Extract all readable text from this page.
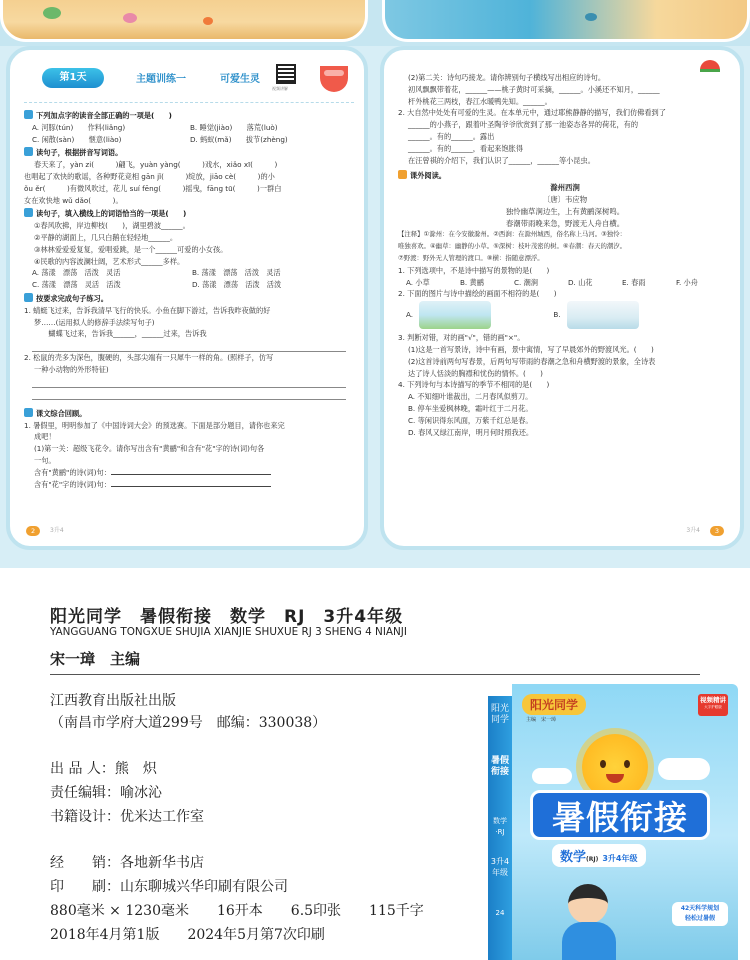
第1天	主题训练一	可爱生灵
视频讲解

下列加点字的读音全部正确的一项是(　　)

A. 河豚(tún)　　作料(liǎng)	B. 睡觉(jiào)　　落荒(luò)
C. 闲散(sàn)　　惬意(liào)	D. 蚂蚁(mǎ)　　拔节(zhèng)

读句子，根据拼音写词语。

春天来了，yàn zi(　　　)翩飞，yuàn yàng(　　　)戏水，xiǎo xī(　　　)

也唱起了欢快的歌谣，各种野花竞相 gān jǐ(　　　)绽放，jiāo cè(　　　)的小

ǒu ěr(　　　)有微风吹过，花儿 suí fēng(　　　)摇曳，fāng tū(　　　)一群白

女在欢快地 wǔ dǎo(　　　)。

读句子，填入横线上的词语恰当的一项是(　　)

①春风吹拂，岸边柳枝(　　)，湖里碧波______。

②平静的湖面上，几只白鹅在轻轻地______。

③林林爱爱爱复复，爱唱爱跳，是一个______可爱的小女孩。

④民歌的内容波澜壮阔，艺术形式______多样。

A. 荡漾　漂荡　活泼　灵活	B. 荡漾　漂荡　活泼　灵活
C. 荡漾　漂荡　灵活　活泼	D. 荡漾　漂荡　活泼　活泼

按要求完成句子练习。

1. 蜻蜓飞过来，告诉我清早飞行的快乐。小鱼在脚下游过，告诉我昨夜做的好

梦……(运用拟人的修辞手法续写句子)

　　蝴蝶飞过来，告诉我______，______过来，告诉我

2. 松鼠的壳多为深色，腹硬的，头部尖端有一只犀牛一样的角。(照样子，仿写

一种小动物的外形特征)

课文综合回顾。

1. 暑假里，明明参加了《中国诗词大会》的预选赛。下面是部分题目，请你也来完

成吧！

(1)第一关：超级飞花令。请你写出含有"黄鹂"和含有"花"字的诗(词)句各

一句。

含有"黄鹂"的诗(词)句：

含有"花"字的诗(词)句：

2	3升4

(2)第二关：诗句巧接龙。请你辨别句子横线写出相应的诗句。

初风飘飘带着花，______——桃子黄时可采摘，______。小溪还不知月，______

杆外桃花三两枝，春江水暖鸭先知。______。

2. 大自然中处处有可爱的生灵。在本单元中，通过耶熊静静的描写，我们仿佛看到了

______的小燕子，跟着叶圣陶爷爷欣赏到了那一池姿态各异的荷花，有的

______。有的______。露出

______。有的______，看起来饱胀得

在汪曾祺的介绍下，我们认识了______，______等小昆虫。

课外阅读。

滁州西涧

〔唐〕韦应物

独怜幽草涧边生，上有黄鹂深树鸣。

春潮带雨晚来急，野渡无人舟自横。

【注释】①滁州：在今安徽滁州。②西涧：在滁州城西，俗名称上马河。③独怜：

唯独喜欢。④幽草：幽静的小草。⑤深树：枝叶茂密的树。⑥春潮：春天的潮汐。

⑦野渡：野外无人管理的渡口。⑧横：指随意漂浮。

1. 下列选项中，不是诗中描写的景物的是(　　)

A. 小草	B. 黄鹂	C. 潮涧	D. 山花	E. 春雨	F. 小舟

2. 下面的图片与诗中描绘的画面不相符的是(　　)

A.	B.

3. 判断对错，对的画"√"，错的画"×"。

(1)这是一首写景诗，诗中有画，景中寓情，写了早晨郊外的野渡风光。(　　)

(2)这首诗前两句写春景，后两句写带雨的春潮之急和舟横野渡的景象，全诗表

达了诗人恬淡的胸襟和忧伤的情怀。(　　)

4. 下列诗句与本诗描写的季节不相同的是(　　)

A. 不知细叶谁裁出，二月春风似剪刀。

B. 停车坐爱枫林晚，霜叶红于二月花。

C. 等闲识得东风面，万紫千红总是春。

D. 春风又绿江南岸，明月何时照我还。

3升4	3
阳光同学　暑假衔接　数学　RJ　3升4年级
YANGGUANG TONGXUE SHUJIA XIANJIE SHUXUE RJ 3 SHENG 4 NIANJI
宋一璋　主编
江西教育出版社出版
（南昌市学府大道299号　邮编：330038）
出 品 人：熊　炽
责任编辑：喻冰沁
书籍设计：优米达工作室
经　　销：各地新华书店
印　　刷：山东聊城兴华印刷有限公司
880毫米 × 1230毫米　　16开本　　6.5印张　　115千字
2018年4月第1版　　2024年5月第7次印刷
阳光同学
暑假衔接
数学·RJ
3升4年级
24
阳光同学
主编　宋一璋
视频精讲
大字护眼版
暑假衔接
数学(RJ) 3升4年级
42天科学规划
轻松过暑假
